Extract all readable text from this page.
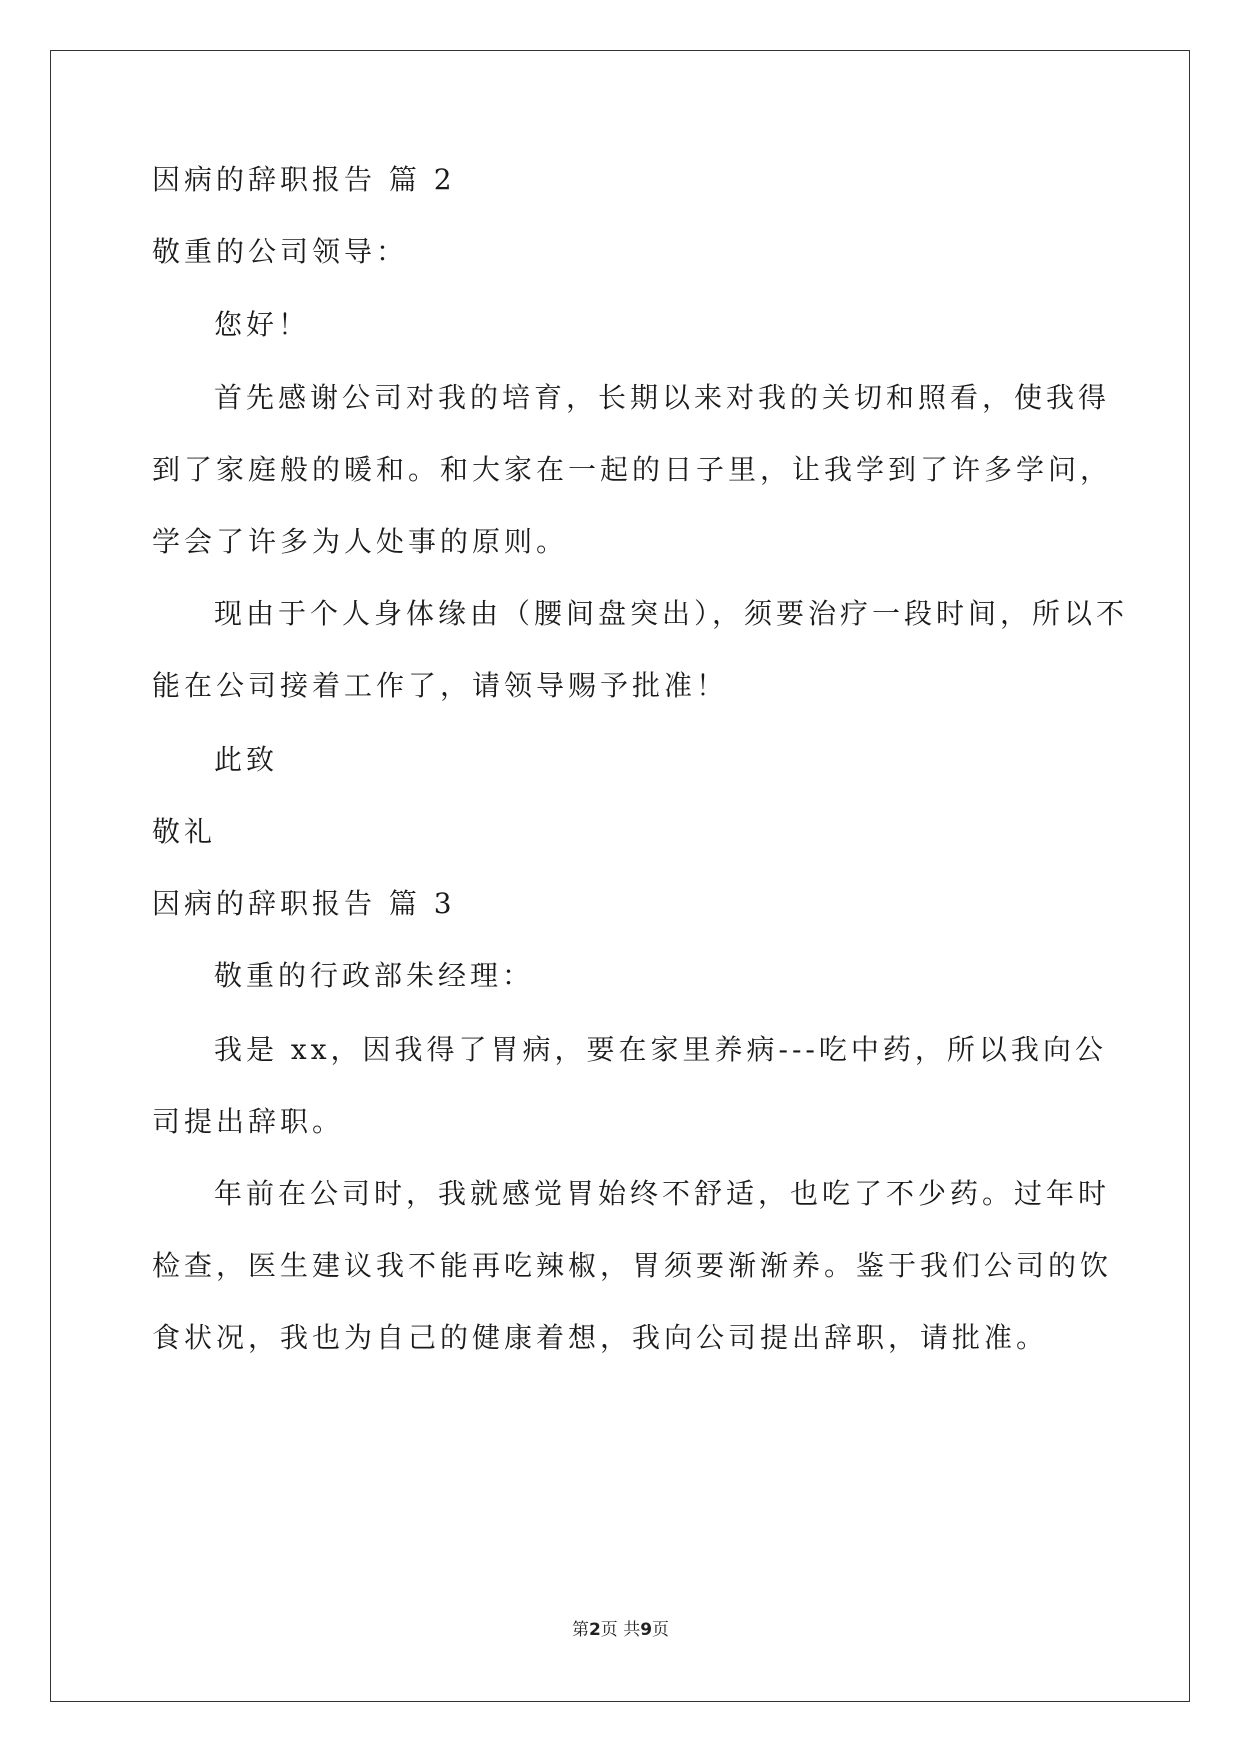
因病的辞职报告 篇 2
敬重的公司领导：
您好！
首先感谢公司对我的培育，长期以来对我的关切和照看，使我得
到了家庭般的暖和。和大家在一起的日子里，让我学到了许多学问，
学会了许多为人处事的原则。
现由于个人身体缘由（腰间盘突出），须要治疗一段时间，所以不
能在公司接着工作了，请领导赐予批准！
此致
敬礼
因病的辞职报告 篇 3
敬重的行政部朱经理：
我是 xx，因我得了胃病，要在家里养病---吃中药，所以我向公
司提出辞职。
年前在公司时，我就感觉胃始终不舒适，也吃了不少药。过年时
检查，医生建议我不能再吃辣椒，胃须要渐渐养。鉴于我们公司的饮
食状况，我也为自己的健康着想，我向公司提出辞职，请批准。
第2页 共9页
